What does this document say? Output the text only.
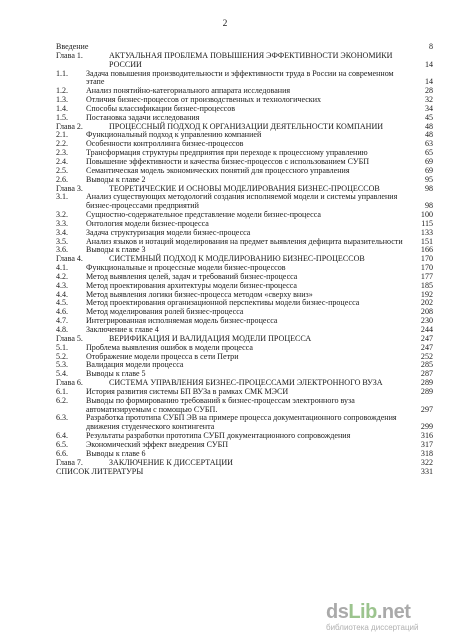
2
Введение	8
Глава 1.	АКТУАЛЬНАЯ ПРОБЛЕМА ПОВЫШЕНИЯ ЭФФЕКТИВНОСТИ ЭКОНОМИКИ РОССИИ	14
1.1.	Задача повышения производительности и эффективности труда в России на современном этапе	14
1.2.	Анализ понятийно-категориального аппарата исследования	28
1.3.	Отличия бизнес-процессов от производственных и технологических	32
1.4.	Способы классификации бизнес-процессов	34
1.5.	Постановка задачи исследования	45
Глава 2.	ПРОЦЕССНЫЙ ПОДХОД К ОРГАНИЗАЦИИ ДЕЯТЕЛЬНОСТИ КОМПАНИИ	48
2.1.	Функциональный подход к управлению компанией	48
2.2.	Особенности контроллинга бизнес-процессов	63
2.3.	Трансформация структуры предприятия при переходе к процессному управлению	65
2.4.	Повышение эффективности и качества бизнес-процессов с использованием СУБП	69
2.5.	Семантическая модель экономических понятий для процессного управления	69
2.6.	Выводы к главе 2	95
Глава 3.	ТЕОРЕТИЧЕСКИЕ И ОСНОВЫ МОДЕЛИРОВАНИЯ БИЗНЕС-ПРОЦЕССОВ	98
3.1.	Анализ существующих методологий создания исполняемой модели и системы управления бизнес-процессами предприятий	98
3.2.	Сущностно-содержательное представление модели бизнес-процесса	100
3.3.	Онтология модели бизнес-процесса	115
3.4.	Задача структуризация модели бизнес-процесса	133
3.5.	Анализ языков и нотаций моделирования на предмет выявления дефицита выразительности	151
3.6.	Выводы к главе 3	166
Глава 4.	СИСТЕМНЫЙ ПОДХОД К МОДЕЛИРОВАНИЮ БИЗНЕС-ПРОЦЕССОВ	170
4.1.	Функциональные и процессные модели бизнес-процессов	170
4.2.	Метод выявления целей, задач и требований бизнес-процесса	177
4.3.	Метод проектирования архитектуры модели бизнес-процесса	185
4.4.	Метод выявления логики бизнес-процесса методом «сверху вниз»	192
4.5.	Метод проектирования организационной перспективы модели бизнес-процесса	202
4.6.	Метод моделирования ролей бизнес-процесса	208
4.7.	Интегрированная исполняемая модель бизнес-процесса	230
4.8.	Заключение к главе 4	244
Глава 5.	ВЕРИФИКАЦИЯ И ВАЛИДАЦИЯ МОДЕЛИ ПРОЦЕССА	247
5.1.	Проблема выявления ошибок в модели процесса	247
5.2.	Отображение модели процесса в сети Петри	252
5.3.	Валидация модели процесса	285
5.4.	Выводы к главе 5	287
Глава 6.	СИСТЕМА УПРАВЛЕНИЯ БИЗНЕС-ПРОЦЕССАМИ ЭЛЕКТРОННОГО ВУЗА	289
6.1.	История развития системы БП ВУЗа в рамках СМК МЭСИ	289
6.2.	Выводы по формированию требований к бизнес-процессам электронного вуза автоматизируемым с помощью СУБП.	297
6.3.	Разработка прототипа СУБП ЭВ на примере процесса документационного сопровождения движения студенческого контингента	299
6.4.	Результаты разработки прототипа СУБП документационного сопровождения	316
6.5.	Экономический эффект внедрения СУБП	317
6.6.	Выводы к главе 6	318
Глава 7.	ЗАКЛЮЧЕНИЕ К ДИССЕРТАЦИИ	322
СПИСОК ЛИТЕРАТУРЫ	331
dsLib.net
библиотека диссертаций
